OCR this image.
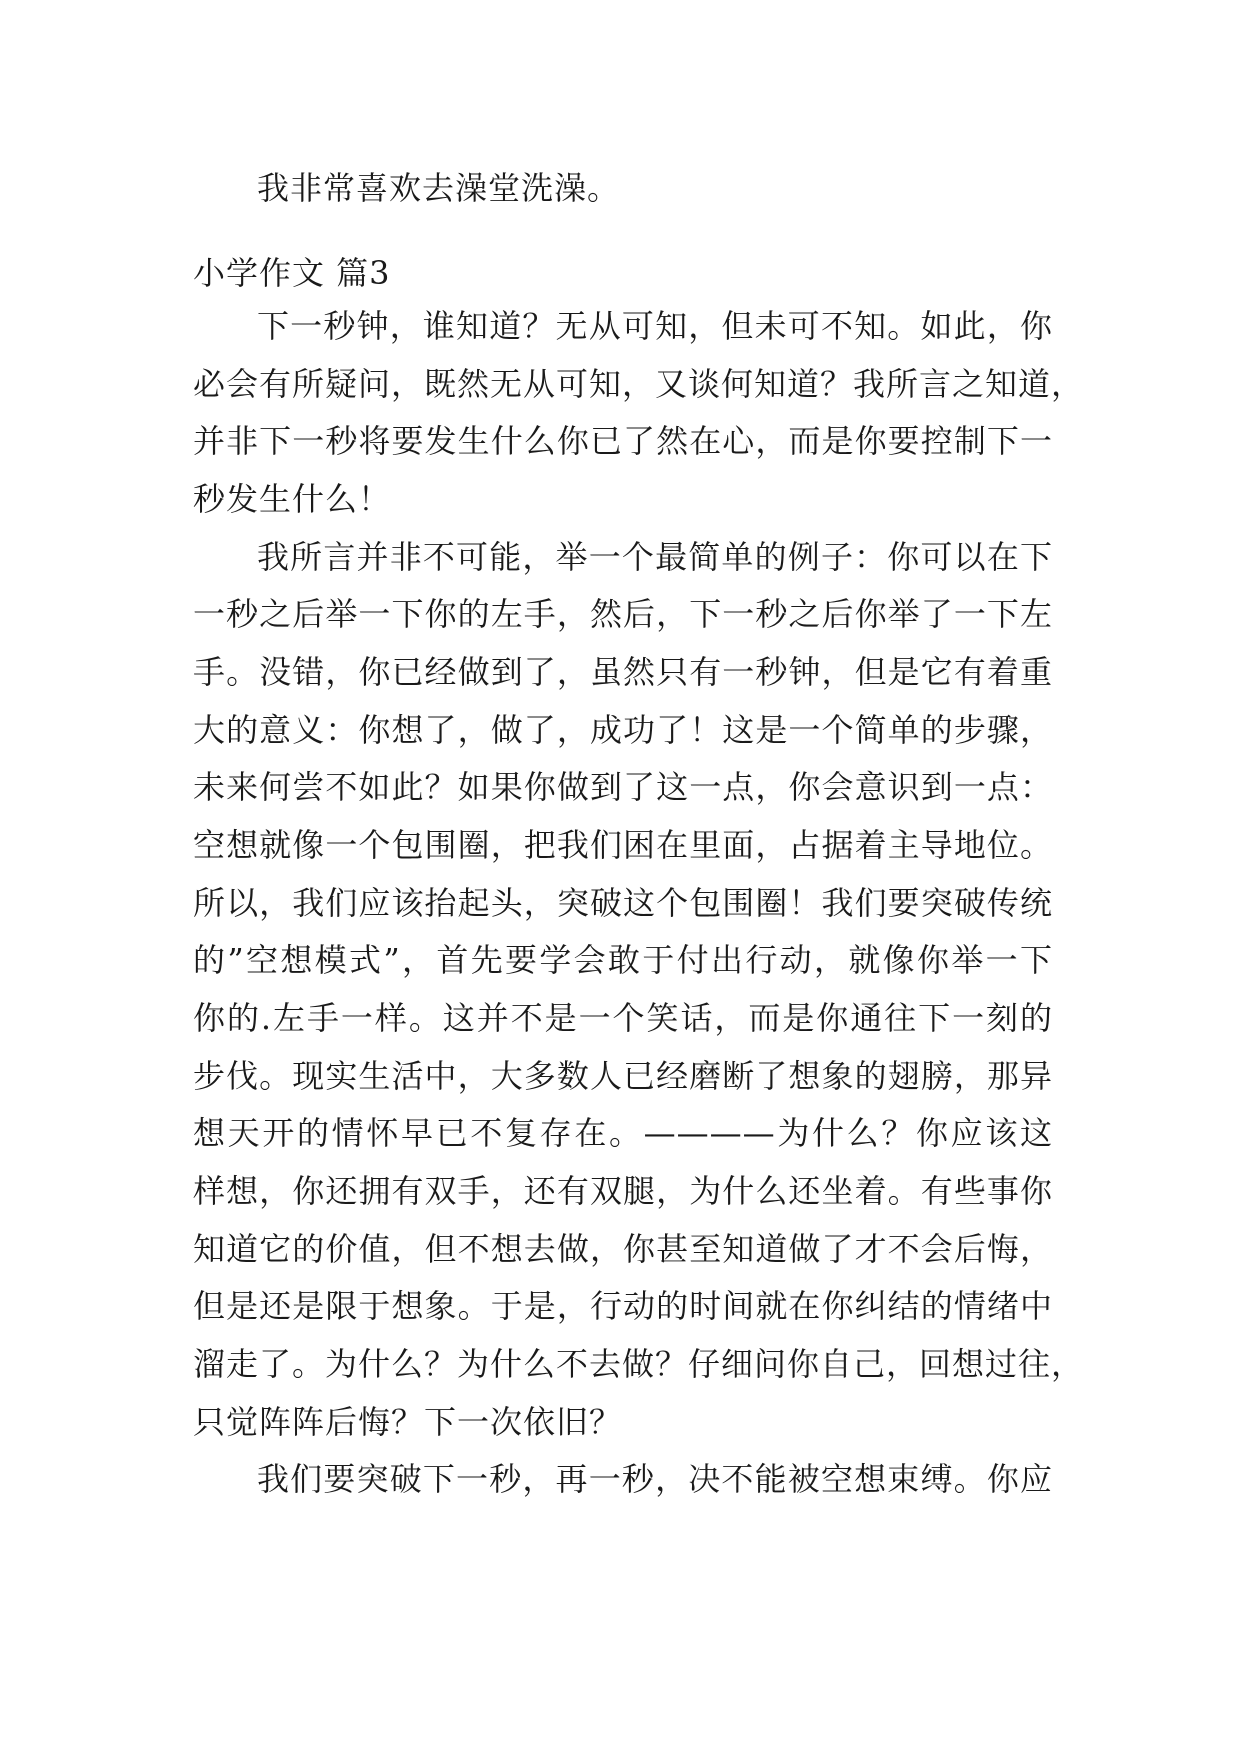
我非常喜欢去澡堂洗澡。
小学作文 篇3
下一秒钟，谁知道？无从可知，但未可不知。如此，你
必会有所疑问，既然无从可知，又谈何知道？我所言之知道，
并非下一秒将要发生什么你已了然在心，而是你要控制下一
秒发生什么！
我所言并非不可能，举一个最简单的例子：你可以在下
一秒之后举一下你的左手，然后，下一秒之后你举了一下左
手。没错，你已经做到了，虽然只有一秒钟，但是它有着重
大的意义：你想了，做了，成功了！这是一个简单的步骤，
未来何尝不如此？如果你做到了这一点，你会意识到一点：
空想就像一个包围圈，把我们困在里面，占据着主导地位。
所以，我们应该抬起头，突破这个包围圈！我们要突破传统
的”空想模式”，首先要学会敢于付出行动，就像你举一下
你的.左手一样。这并不是一个笑话，而是你通往下一刻的
步伐。现实生活中，大多数人已经磨断了想象的翅膀，那异
想天开的情怀早已不复存在。————为什么？你应该这
样想，你还拥有双手，还有双腿，为什么还坐着。有些事你
知道它的价值，但不想去做，你甚至知道做了才不会后悔，
但是还是限于想象。于是，行动的时间就在你纠结的情绪中
溜走了。为什么？为什么不去做？仔细问你自己，回想过往，
只觉阵阵后悔？下一次依旧？
我们要突破下一秒，再一秒，决不能被空想束缚。你应
